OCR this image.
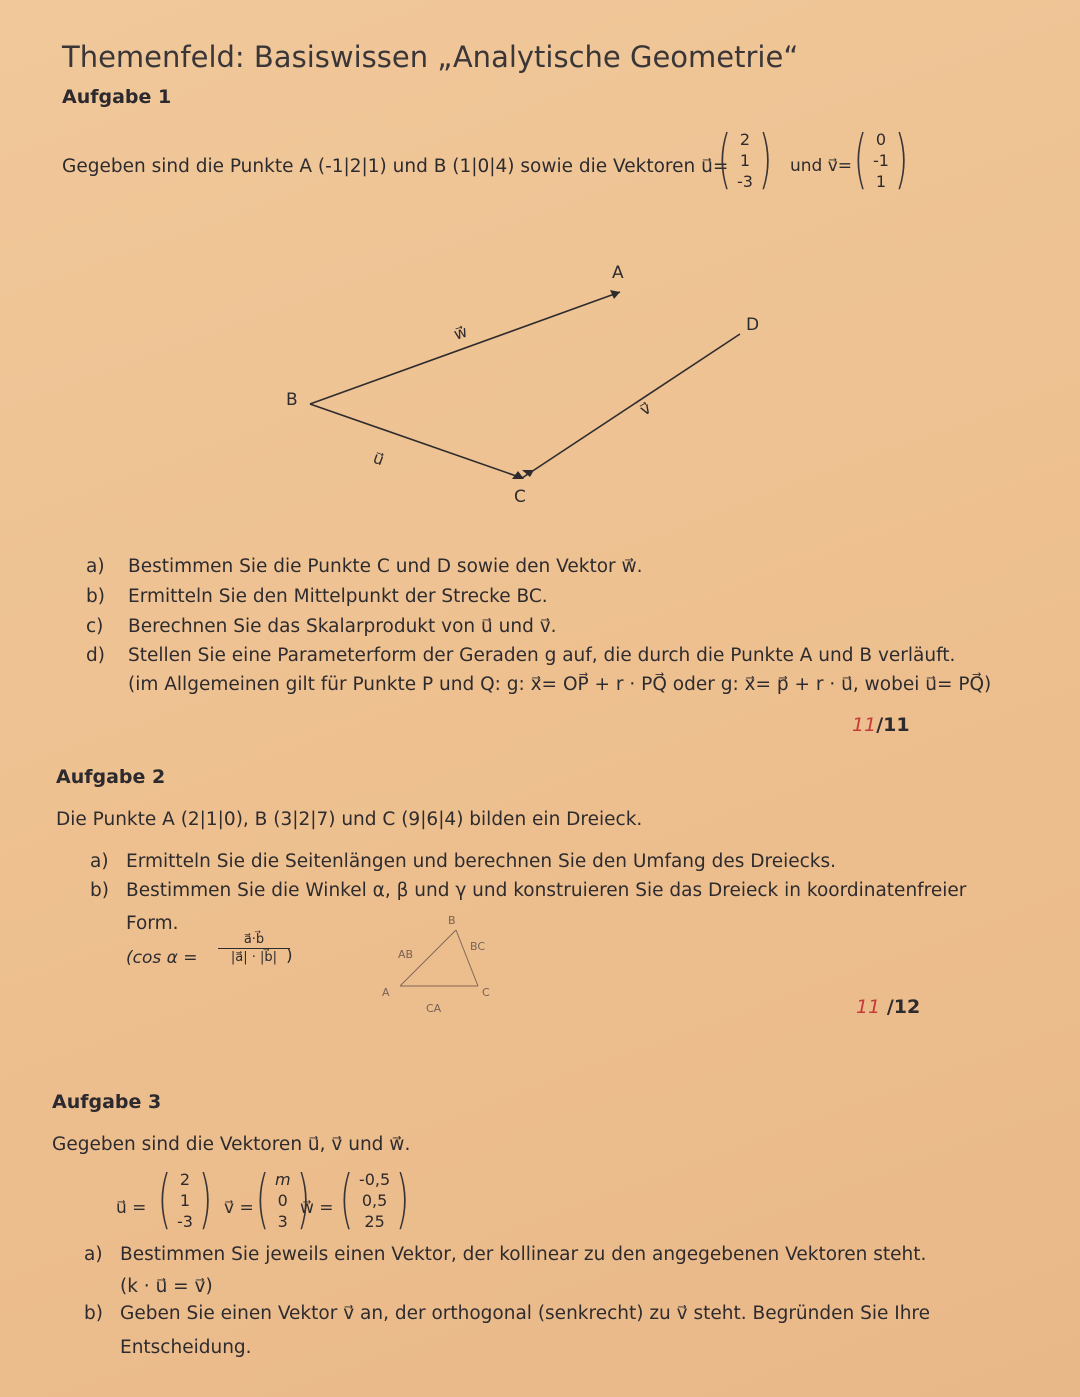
Themenfeld: Basiswissen „Analytische Geometrie“
Aufgabe 1
Gegeben sind die Punkte A (-1|2|1) und B (1|0|4) sowie die Vektoren u⃗=
( 2
1
-3 ) und v⃗= ( 0
-1
1 )
A
B
C
D
w⃗
u⃗
v⃗
a) Bestimmen Sie die Punkte C und D sowie den Vektor w⃗.
b) Ermitteln Sie den Mittelpunkt der Strecke BC.
c) Berechnen Sie das Skalarprodukt von u⃗ und v⃗.
d) Stellen Sie eine Parameterform der Geraden g auf, die durch die Punkte A und B verläuft.
(im Allgemeinen gilt für Punkte P und Q: g: x⃗= OP⃗ + r · PQ⃗ oder g: x⃗= p⃗ + r · u⃗, wobei u⃗= PQ⃗)
11/11
Aufgabe 2
Die Punkte A (2|1|0), B (3|2|7) und C (9|6|4) bilden ein Dreieck.
a) Ermitteln Sie die Seitenlängen und berechnen Sie den Umfang des Dreiecks.
b) Bestimmen Sie die Winkel α, β und γ und konstruieren Sie das Dreieck in koordinatenfreier
Form.
(cos $\alpha = \frac{a⃗\cdot b⃗}{|a⃗| \cdot |b⃗|}$
)
A
B
C
AB
BC
CA	11 /12
Aufgabe 3
Gegeben sind die Vektoren u⃗, v⃗ und w⃗.
u⃗ = ( 2
1
-3 ) v⃗ = ( m
0
3 )
w⃗ = ( -0,5
0,5
25 )
a) Bestimmen Sie jeweils einen Vektor, der kollinear zu den angegebenen Vektoren steht.
(k · u⃗ = v⃗)
b) Geben Sie einen Vektor v⃗ an, der orthogonal (senkrecht) zu v⃗ steht. Begründen Sie Ihre
Entscheidung.
